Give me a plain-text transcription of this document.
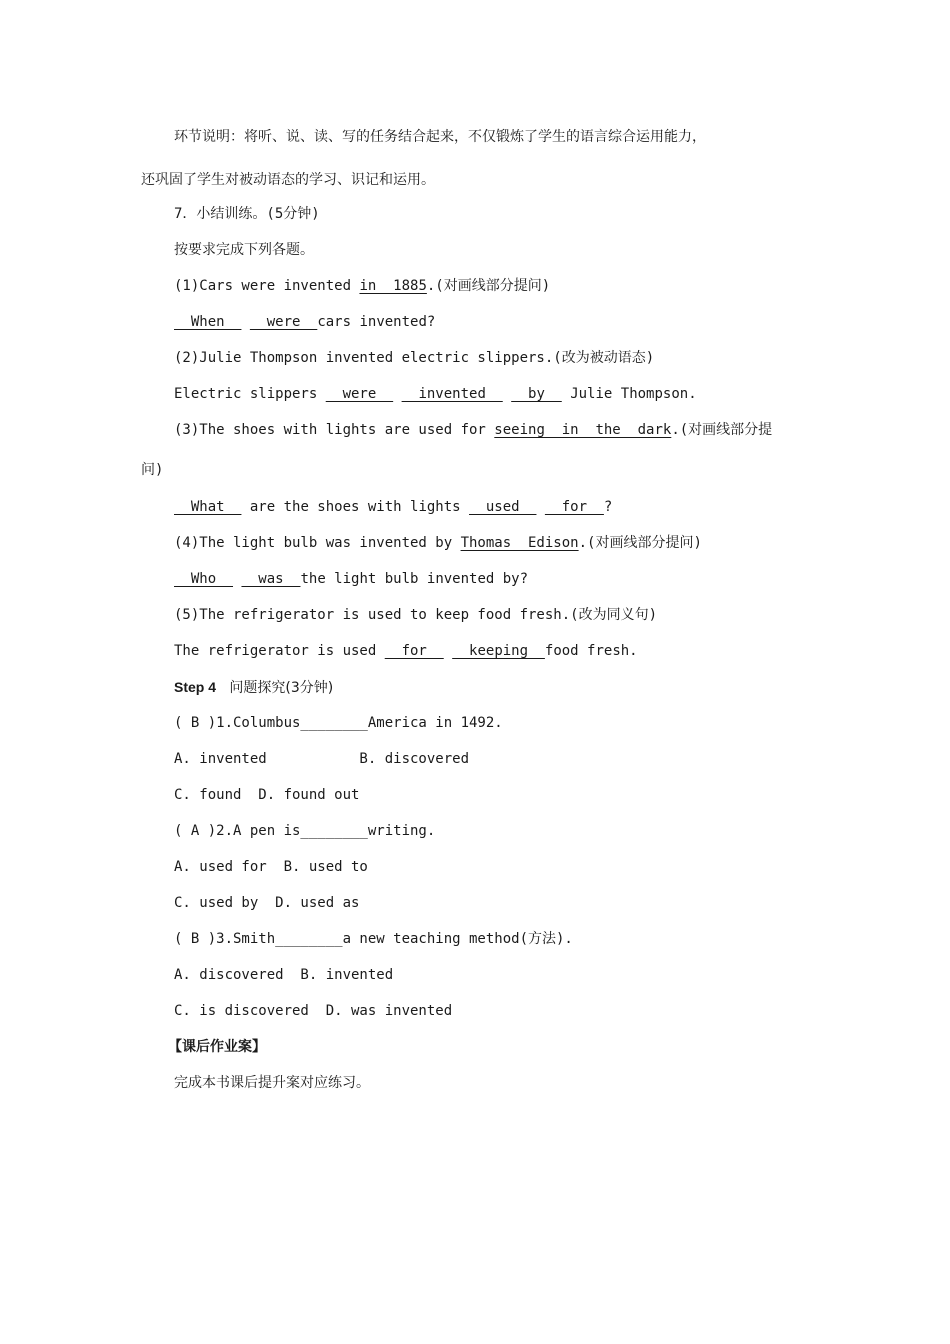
环节说明：将听、说、读、写的任务结合起来，不仅锻炼了学生的语言综合运用能力，
还巩固了学生对被动语态的学习、识记和运用。
7．小结训练。(5分钟)
按要求完成下列各题。
(1)Cars were invented in  1885.(对画线部分提问)
When     were  cars invented?
(2)Julie Thompson invented electric slippers.(改为被动语态)
Electric slippers   were     invented     by   Julie Thompson.
(3)The shoes with lights are used for seeing  in  the  dark.(对画线部分提
问)
What   are the shoes with lights   used     for  ?
(4)The light bulb was invented by Thomas  Edison.(对画线部分提问)
Who     was  the light bulb invented by?
(5)The refrigerator is used to keep food fresh.(改为同义句)
The refrigerator is used   for     keeping  food fresh.
Step 4 问题探究(3分钟)
( B )1.Columbus________America in 1492.
A. invented           B. discovered
C. found  D. found out
( A )2.A pen is________writing.
A. used for  B. used to
C. used by  D. used as
( B )3.Smith________a new teaching method(方法).
A. discovered  B. invented
C. is discovered  D. was invented
【课后作业案】
完成本书课后提升案对应练习。
